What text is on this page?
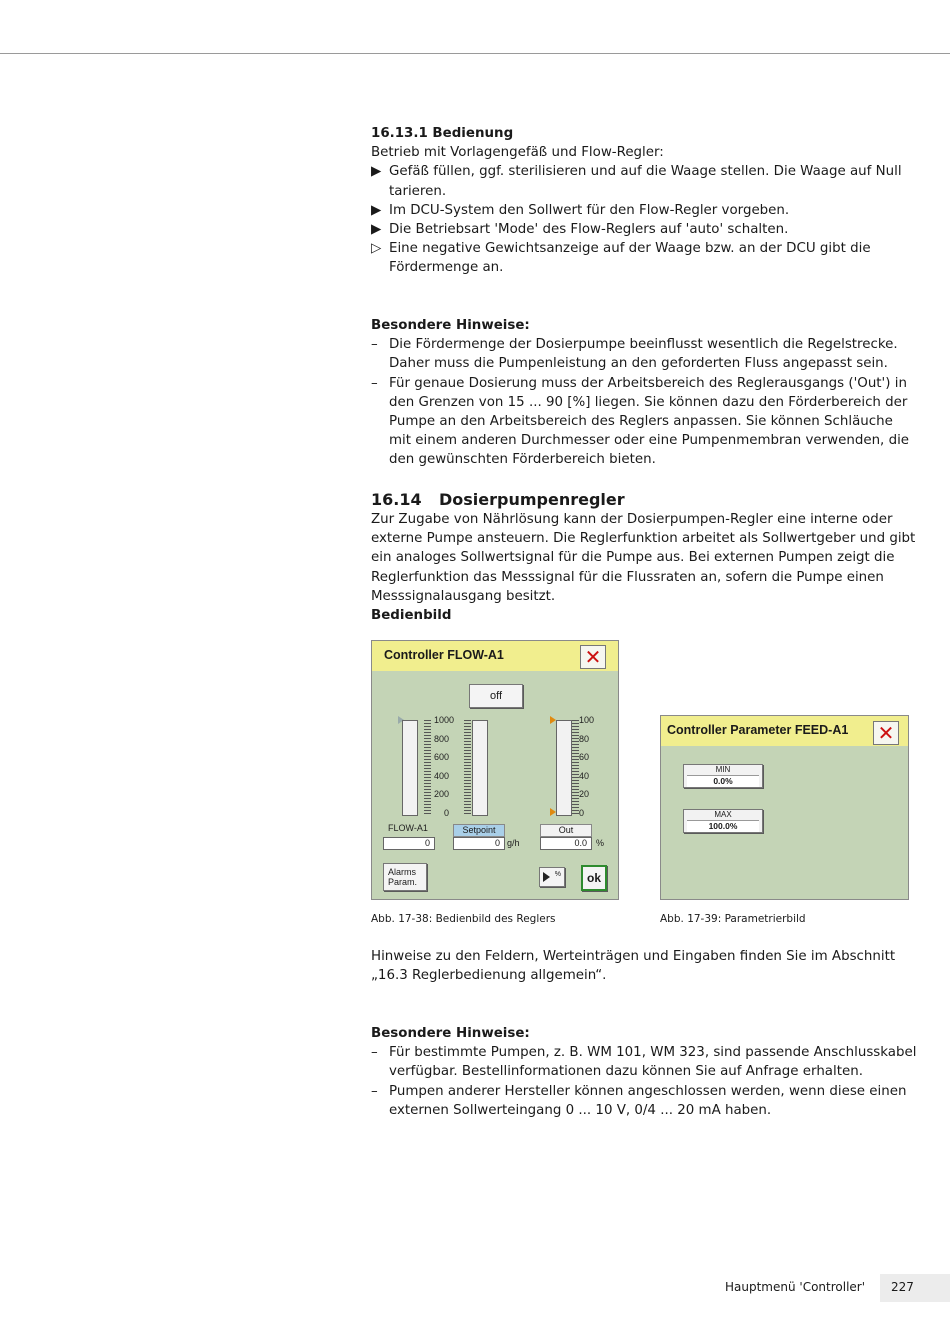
16.13.1 Bedienung

Betrieb mit Vorlagengefäß und Flow-Regler:

▶ Gefäß füllen, ggf. sterilisieren und auf die Waage stellen. Die Waage auf Null tarieren.
▶ Im DCU-System den Sollwert für den Flow-Regler vorgeben.
▶ Die Betriebsart 'Mode' des Flow-Reglers auf 'auto' schalten.
▷ Eine negative Gewichtsanzeige auf der Waage bzw. an der DCU gibt die Fördermenge an.

Besondere Hinweise:

– Die Fördermenge der Dosierpumpe beeinflusst wesentlich die Regelstrecke. Daher muss die Pumpenleistung an den geforderten Fluss angepasst sein.
– Für genaue Dosierung muss der Arbeitsbereich des Reglerausgangs ('Out') in den Grenzen von 15 ... 90 [%] liegen. Sie können dazu den Förderbereich der Pumpe an den Arbeitsbereich des Reglers anpassen. Sie können Schläuche mit einem anderen Durchmesser oder eine Pumpenmembran verwenden, die den gewünschten Förderbereich bieten.

16.14 Dosierpumpenregler

Zur Zugabe von Nährlösung kann der Dosierpumpen-Regler eine interne oder externe Pumpe ansteuern. Die Reglerfunktion arbeitet als Sollwertgeber und gibt ein analoges Sollwertsignal für die Pumpe aus. Bei externen Pumpen zeigt die Reglerfunktion das Messsignal für die Flussraten an, sofern die Pumpe einen Messsignalausgang besitzt.

Bedienbild

Controller FLOW-A1	✕
off
1000
800
600
400
200
0
100
80
60
40
20
0
FLOW-A1
0
Setpoint
0 g/h
Out
0.0	%
Alarms
Param.
%	ok
Controller Parameter FEED-A1 ✕
MIN
0.0%
MAX
100.0%
Abb. 17-38: Bedienbild des Reglers	Abb. 17-39: Parametrierbild

Hinweise zu den Feldern, Werteinträgen und Eingaben finden Sie im Abschnitt „16.3 Reglerbedienung allgemein“.

Besondere Hinweise:

– Für bestimmte Pumpen, z. B. WM 101, WM 323, sind passende Anschlusskabel verfügbar. Bestellinformationen dazu können Sie auf Anfrage erhalten.
– Pumpen anderer Hersteller können angeschlossen werden, wenn diese einen externen Sollwerteingang 0 ... 10 V, 0/4 ... 20 mA haben.
Hauptmenü 'Controller' 227
